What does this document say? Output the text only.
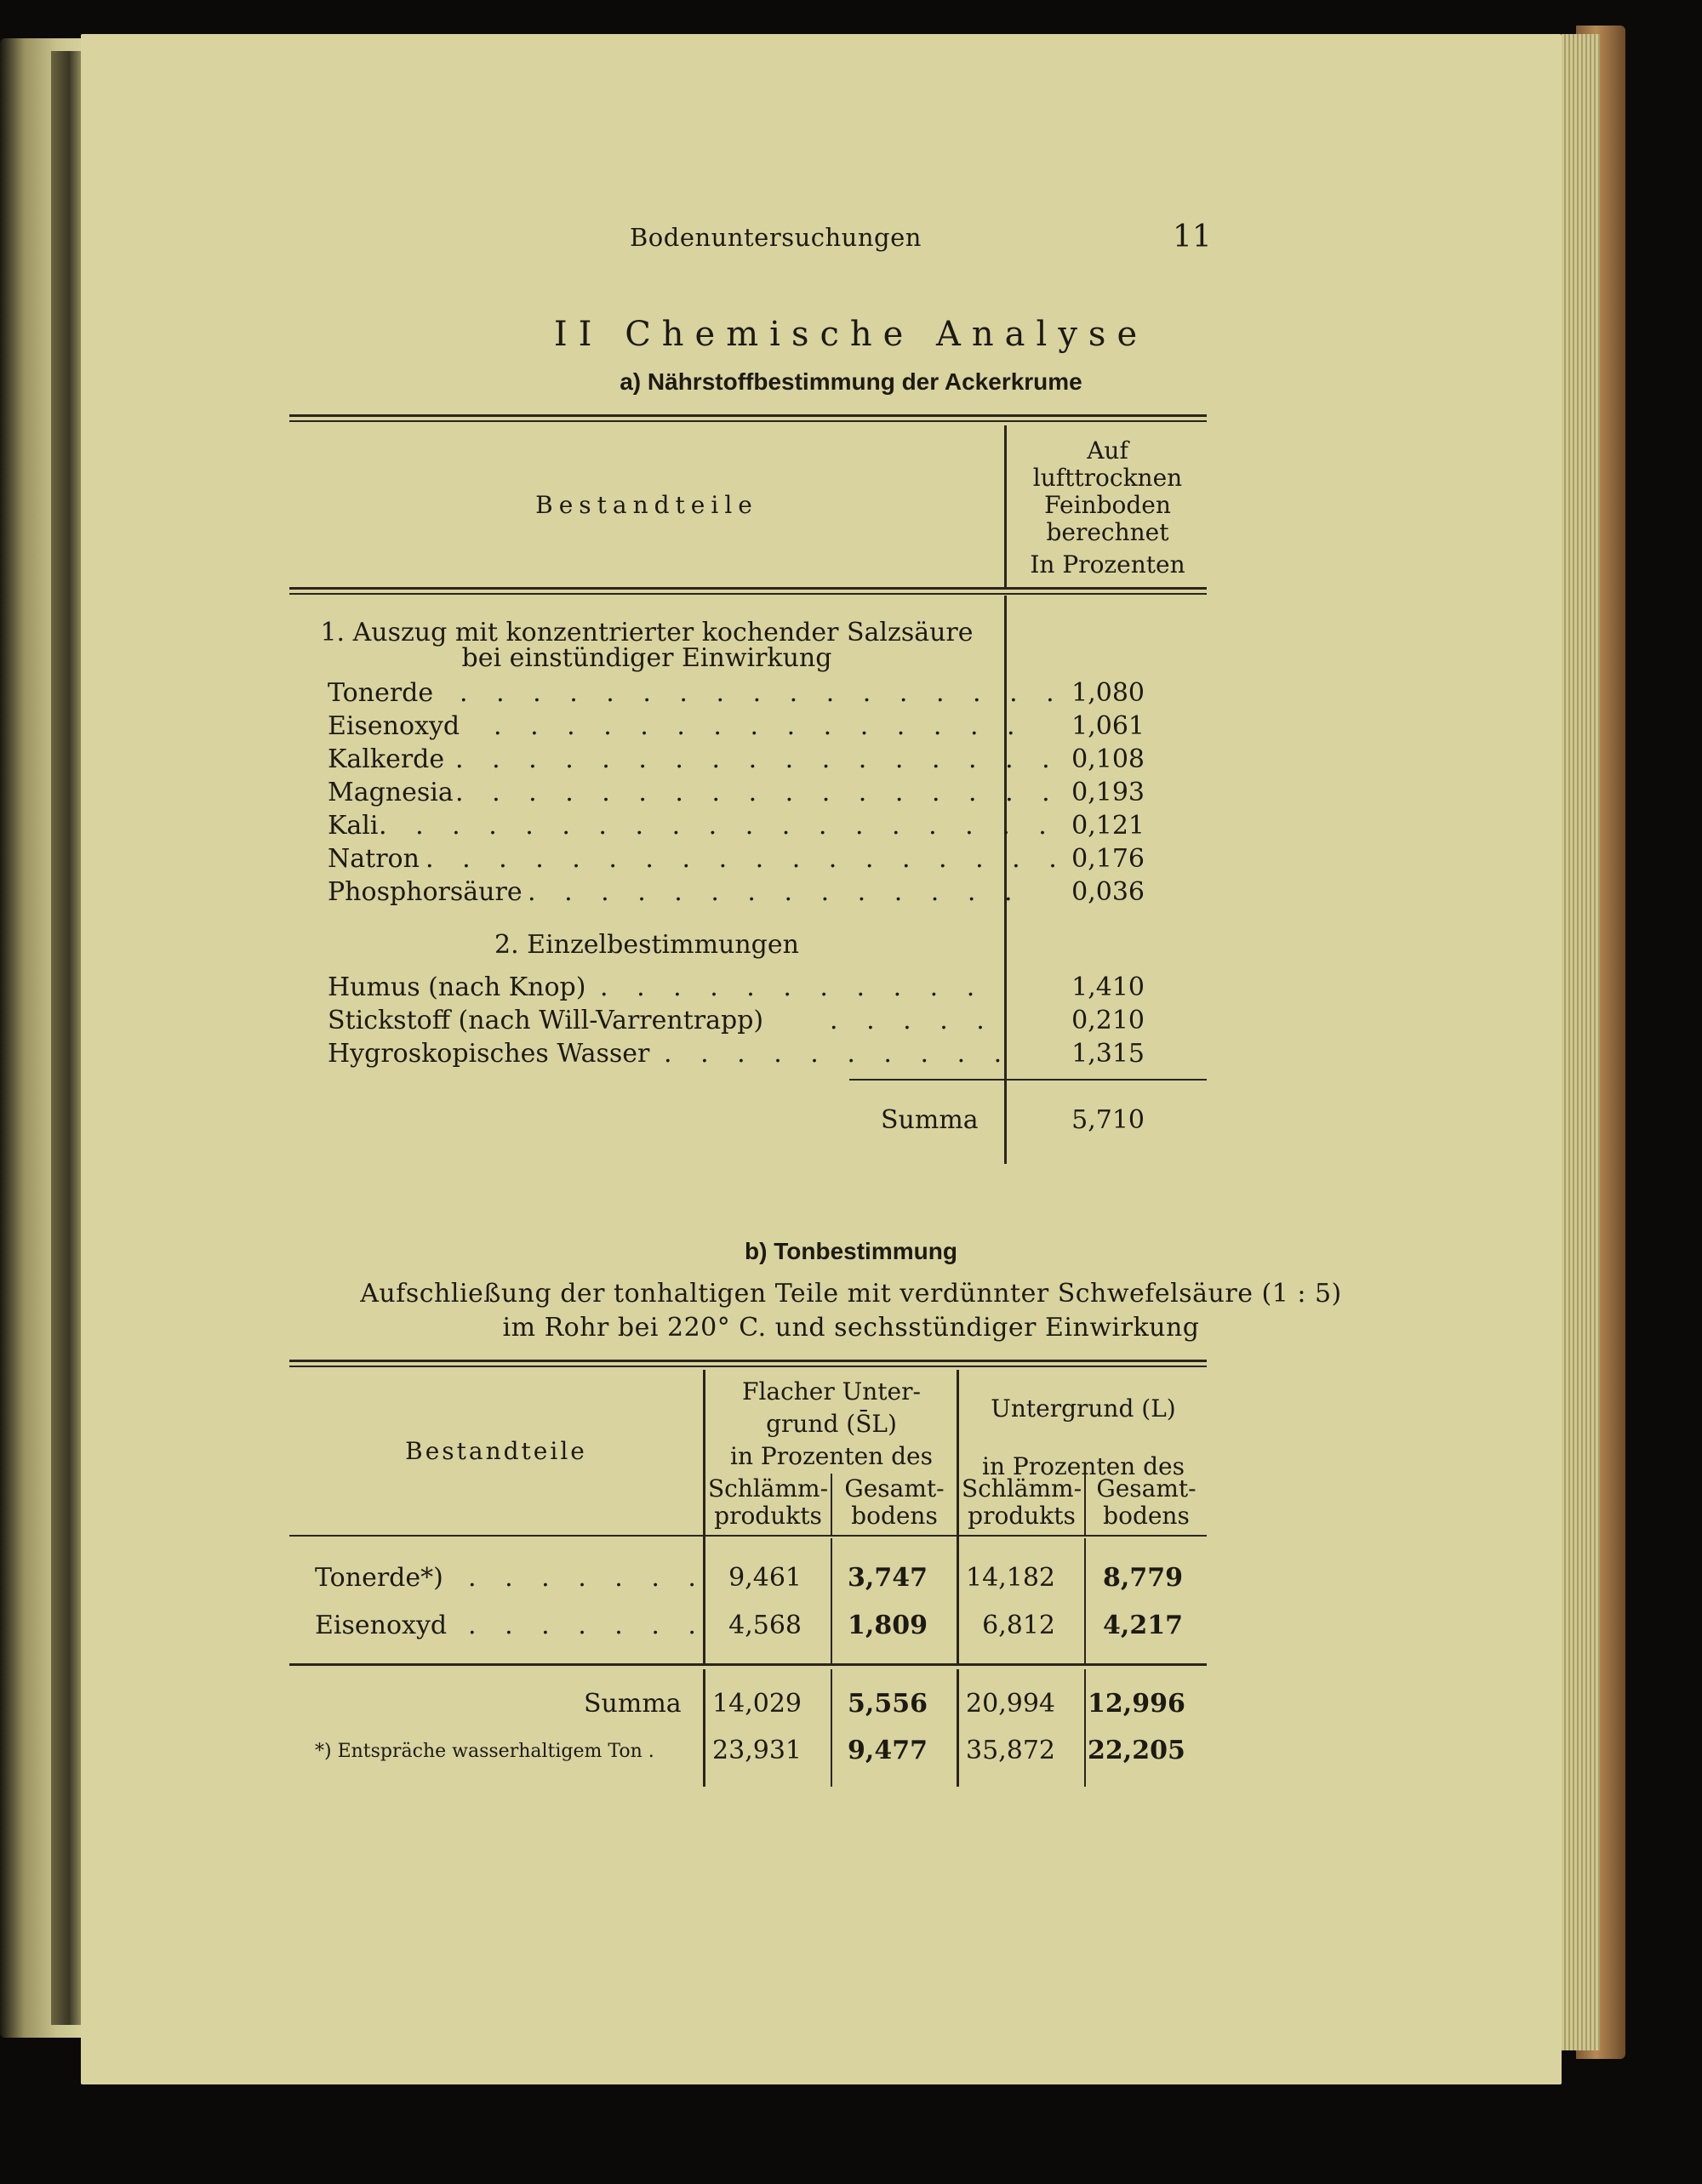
Bodenuntersuchungen	11
II Chemische Analyse
a) Nährstoffbestimmung der Ackerkrume
Bestandteile
Auf
lufttrocknen
Feinboden
berechnet
In Prozenten
1. Auszug mit konzentrierter kochender Salzsäure
bei einstündiger Einwirkung
Tonerde	1,080
Eisenoxyd	1,061
Kalkerde	0,108
Magnesia	0,193
Kali	0,121
Natron	0,176
Phosphorsäure	0,036
. . . . . . . . . . . . . . . . .
. . . . . . . . . . . . . . .
. . . . . . . . . . . . . . . . .
. . . . . . . . . . . . . . . . .
. . . . . . . . . . . . . . . . . . .
. . . . . . . . . . . . . . . . . .
. . . . . . . . . . . . . .
2. Einzelbestimmungen
Humus (nach Knop)	1,410
Stickstoff (nach Will-Varrentrapp)	0,210
Hygroskopisches Wasser	1,315
. . . . . . . . . . .
. . . . .
. . . . . . . . . .
Summa	5,710
b) Tonbestimmung
Aufschließung der tonhaltigen Teile mit verdünnter Schwefelsäure (1 : 5)
im Rohr bei 220° C. und sechsstündiger Einwirkung
Bestandteile
Flacher Unter-
grund (S̄L)
in Prozenten des
Untergrund (L)
in Prozenten des
Schlämm-
produkts
Gesamt-
bodens
Schlämm-
produkts
Gesamt-
bodens
Tonerde*) . . . . . . . 9,461	3,747 14,182	8,779
Eisenoxyd . . . . . . . 4,568	1,809	6,812	4,217
Summa 14,029	5,556 20,994 12,996
*) Entspräche wasserhaltigem Ton . 23,931	9,477 35,872 22,205
